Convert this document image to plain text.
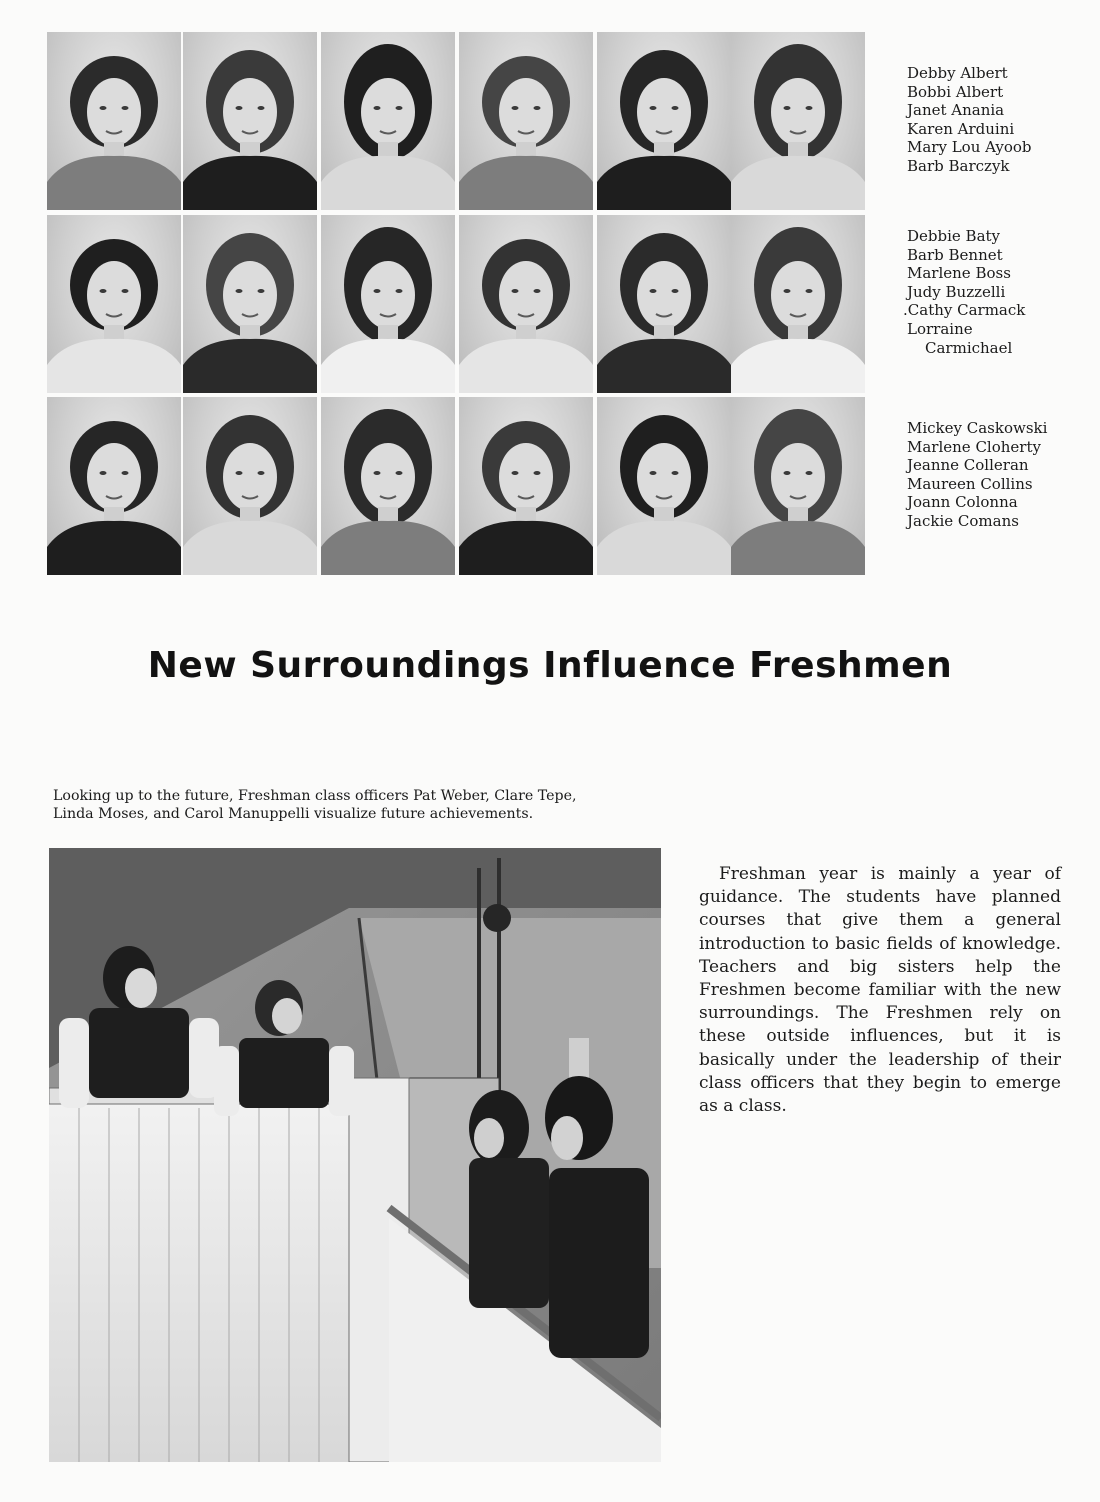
Debby Albert
Bobbi Albert
Janet Anania
Karen Arduini
Mary Lou Ayoob
Barb Barczyk
Debbie Baty
Barb Bennet
Marlene Boss
Judy Buzzelli
.Cathy Carmack
Lorraine
Carmichael
Mickey Caskowski
Marlene Cloherty
Jeanne Colleran
Maureen Collins
Joann Colonna
Jackie Comans
New Surroundings Influence Freshmen
Looking up to the future, Freshman class officers Pat Weber, Clare Tepe,
Linda Moses, and Carol Manuppelli visualize future achievements.

Freshman year is mainly a year of guidance. The students have planned courses that give them a general introduction to basic fields of knowledge. Teachers and big sisters help the Freshmen become familiar with the new surroundings. The Freshmen rely on these outside influences, but it is basically under the leadership of their class officers that they begin to emerge as a class.
